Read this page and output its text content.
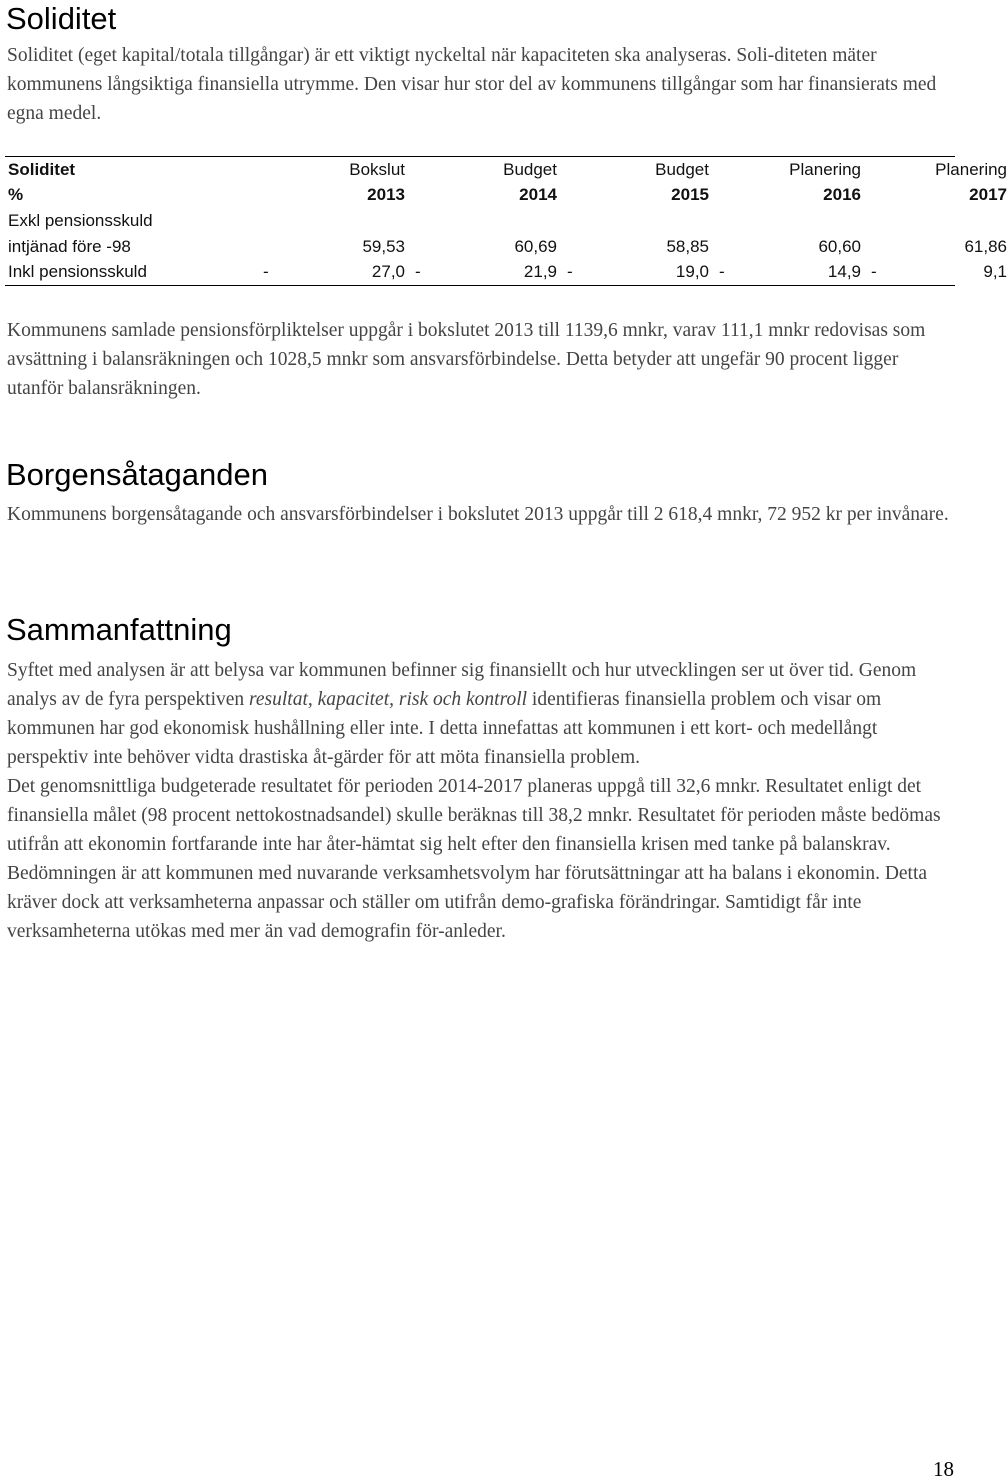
Soliditet

Soliditet (eget kapital/totala tillgångar) är ett viktigt nyckeltal när kapaciteten ska analyseras. Soli-diteten mäter kommunens långsiktiga finansiella utrymme. Den visar hur stor del av kommunens tillgångar som har finansierats med egna medel.

Soliditet		Bokslut		Budget		Budget		Planering		Planering
%		2013		2014		2015		2016		2017
Exkl pensionsskuld										
intjänad före -98		59,53		60,69		58,85		60,60		61,86
Inkl pensionsskuld	-	27,0	-	21,9	-	19,0	-	14,9	-	9,1

Kommunens samlade pensionsförpliktelser uppgår i bokslutet 2013 till 1139,6 mnkr, varav 111,1 mnkr redovisas som avsättning i balansräkningen och 1028,5 mnkr som ansvarsförbindelse. Detta betyder att ungefär 90 procent ligger utanför balansräkningen.

Borgensåtaganden

Kommunens borgensåtagande och ansvarsförbindelser i bokslutet 2013 uppgår till 2 618,4 mnkr, 72 952 kr per invånare.

Sammanfattning

Syftet med analysen är att belysa var kommunen befinner sig finansiellt och hur utvecklingen ser ut över tid. Genom analys av de fyra perspektiven resultat, kapacitet, risk och kontroll identifieras finansiella problem och visar om kommunen har god ekonomisk hushållning eller inte. I detta innefattas att kommunen i ett kort- och medellångt perspektiv inte behöver vidta drastiska åt-gärder för att möta finansiella problem.

Det genomsnittliga budgeterade resultatet för perioden 2014-2017 planeras uppgå till 32,6 mnkr. Resultatet enligt det finansiella målet (98 procent nettokostnadsandel) skulle beräknas till 38,2 mnkr. Resultatet för perioden måste bedömas utifrån att ekonomin fortfarande inte har åter-hämtat sig helt efter den finansiella krisen med tanke på balanskrav.

Bedömningen är att kommunen med nuvarande verksamhetsvolym har förutsättningar att ha balans i ekonomin. Detta kräver dock att verksamheterna anpassar och ställer om utifrån demo-grafiska förändringar. Samtidigt får inte verksamheterna utökas med mer än vad demografin för-anleder.

18
